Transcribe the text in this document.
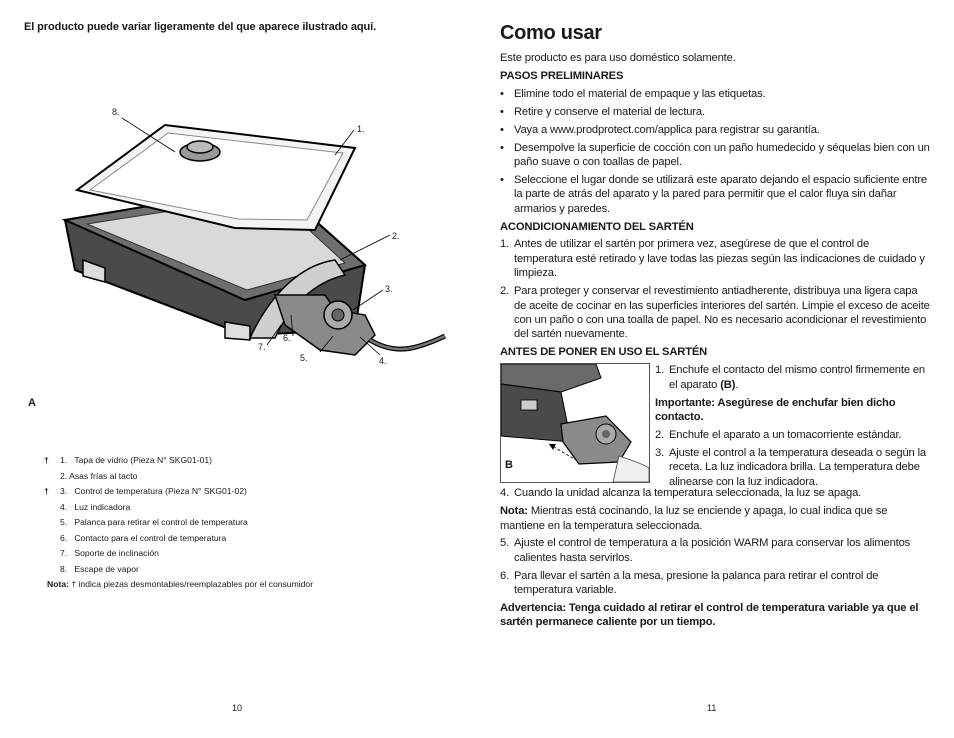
El producto puede variar ligeramente del que aparece ilustrado aquí.
8.
1.
2.
3.
4.
5.
6.
7.
A
†	1. Tapa de vidrio (Pieza N° SKG01-01)
2. Asas frías al tacto
†	3. Control de temperatura (Pieza N° SKG01-02)
4. Luz indicadora
5. Palanca para retirar el control de temperatura
6. Contacto para el control de temperatura
7. Soporte de inclinación
8. Escape de vapor
Nota: † indica piezas desmontables/reemplazables por el consumidor
10
Como usar

Este producto es para uso doméstico solamente.

PASOS PRELIMINARES
• Elimine todo el material de empaque y las etiquetas.
• Retire y conserve el material de lectura.
• Vaya a www.prodprotect.com/applica para registrar su garantía.
• Desempolve la superficie de cocción con un paño humedecido y séquelas bien con un paño suave o con toallas de papel.
• Seleccione el lugar donde se utilizará este aparato dejando el espacio suficiente entre la parte de atrás del aparato y la pared para permitir que el calor fluya sin dañar armarios y paredes.
ACONDICIONAMIENTO DEL SARTÉN
1. Antes de utilizar el sartén por primera vez, asegúrese de que el control de temperatura esté retirado y lave todas las piezas según las indicaciones de cuidado y limpieza.
2. Para proteger y conservar el revestimiento antiadherente, distribuya una ligera capa de aceite de cocinar en las superficies interiores del sartén. Limpie el exceso de aceite con un paño o con una toalla de papel. No es necesario acondicionar el revestimiento del sartén nuevamente.
ANTES DE PONER EN USO EL SARTÉN
B
1. Enchufe el contacto del mismo control firmemente en el aparato (B).

Importante: Asegúrese de enchufar bien dicho contacto.

2. Enchufe el aparato a un tomacorriente estándar.
3. Ajuste el control a la temperatura deseada o según la receta. La luz indicadora brilla. La temperatura debe alinearse con la luz indicadora.
4. Cuando la unidad alcanza la temperatura seleccionada, la luz se apaga.

Nota: Mientras está cocinando, la luz se enciende y apaga, lo cual indica que se mantiene en la temperatura seleccionada.

5. Ajuste el control de temperatura a la posición WARM para conservar los alimentos calientes hasta servirlos.
6. Para llevar el sartén a la mesa, presione la palanca para retirar el control de temperatura variable.

Advertencia: Tenga cuidado al retirar el control de temperatura variable ya que el sartén permanece caliente por un tiempo.

11
